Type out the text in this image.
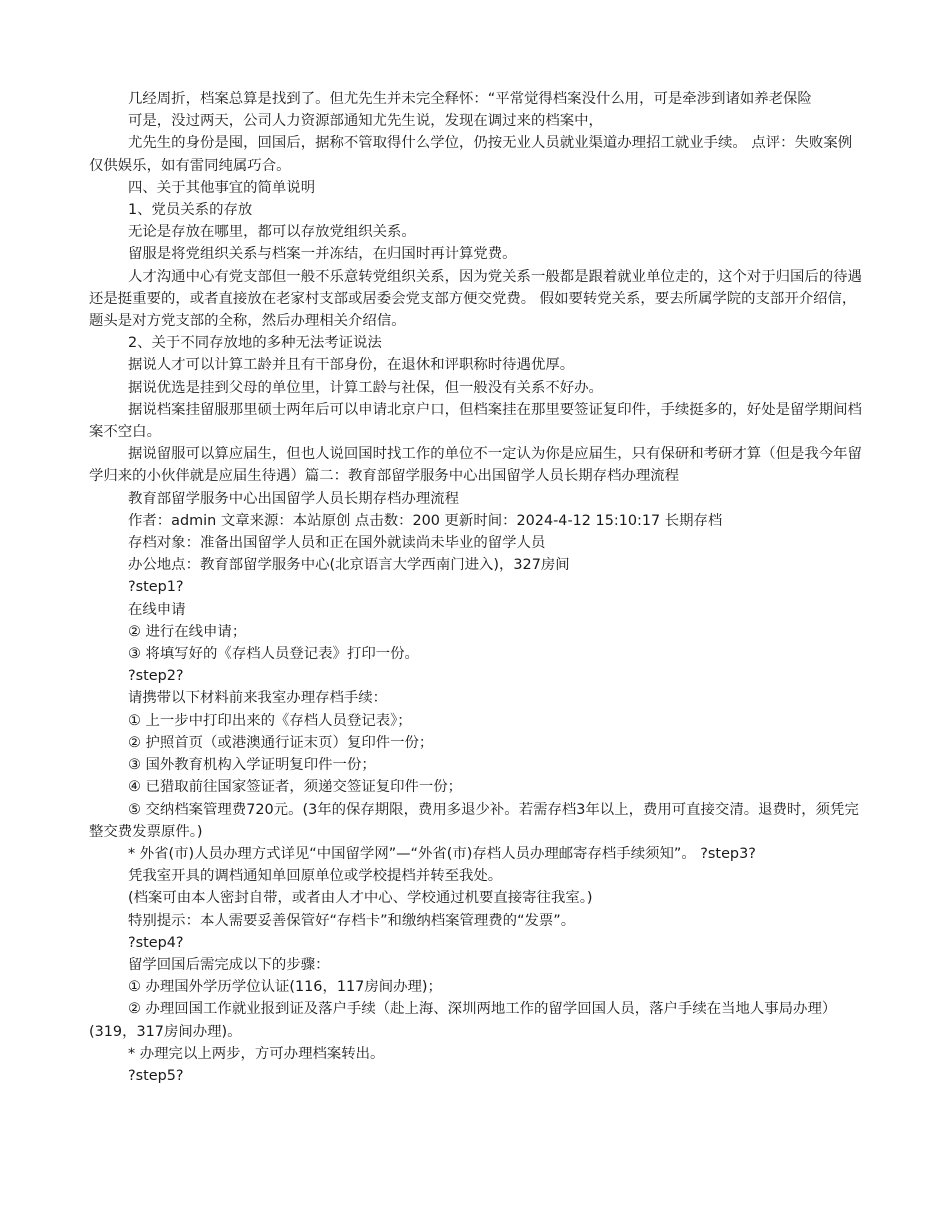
几经周折，档案总算是找到了。但尤先生并未完全释怀：“平常觉得档案没什么用，可是牵涉到诸如养老保险

可是，没过两天，公司人力资源部通知尤先生说，发现在调过来的档案中，

尤先生的身份是囤，回国后，据称不管取得什么学位，仍按无业人员就业渠道办理招工就业手续。 点评：失败案例仅供娱乐，如有雷同纯属巧合。

四、关于其他事宜的简单说明

1、党员关系的存放

无论是存放在哪里，都可以存放党组织关系。

留服是将党组织关系与档案一并冻结，在归国时再计算党费。

人才沟通中心有党支部但一般不乐意转党组织关系，因为党关系一般都是跟着就业单位走的，这个对于归国后的待遇还是挺重要的，或者直接放在老家村支部或居委会党支部方便交党费。 假如要转党关系，要去所属学院的支部开介绍信，题头是对方党支部的全称，然后办理相关介绍信。

2、关于不同存放地的多种无法考证说法

据说人才可以计算工龄并且有干部身份，在退休和评职称时待遇优厚。

据说优选是挂到父母的单位里，计算工龄与社保，但一般没有关系不好办。

据说档案挂留服那里硕士两年后可以申请北京户口，但档案挂在那里要签证复印件，手续挺多的，好处是留学期间档案不空白。

据说留服可以算应届生，但也人说回国时找工作的单位不一定认为你是应届生，只有保研和考研才算（但是我今年留学归来的小伙伴就是应届生待遇）篇二：教育部留学服务中心出国留学人员长期存档办理流程

教育部留学服务中心出国留学人员长期存档办理流程

作者：admin 文章来源：本站原创 点击数：200 更新时间：2024-4-12 15:10:17 长期存档

存档对象：准备出国留学人员和正在国外就读尚未毕业的留学人员

办公地点：教育部留学服务中心(北京语言大学西南门进入)，327房间

?step1?

在线申请

② 进行在线申请；

③ 将填写好的《存档人员登记表》打印一份。

?step2?

请携带以下材料前来我室办理存档手续：

① 上一步中打印出来的《存档人员登记表》；

② 护照首页（或港澳通行证末页）复印件一份；

③ 国外教育机构入学证明复印件一份；

④ 已猎取前往国家签证者，须递交签证复印件一份；

⑤ 交纳档案管理费720元。(3年的保存期限，费用多退少补。若需存档3年以上，费用可直接交清。退费时，须凭完整交费发票原件。)

* 外省(市)人员办理方式详见“中国留学网”—“外省(市)存档人员办理邮寄存档手续须知”。 ?step3?

凭我室开具的调档通知单回原单位或学校提档并转至我处。

(档案可由本人密封自带，或者由人才中心、学校通过机要直接寄往我室。)

特别提示：本人需要妥善保管好“存档卡”和缴纳档案管理费的“发票”。

?step4?

留学回国后需完成以下的步骤：

① 办理国外学历学位认证(116，117房间办理)；

② 办理回国工作就业报到证及落户手续（赴上海、深圳两地工作的留学回国人员，落户手续在当地人事局办理）(319，317房间办理)。

* 办理完以上两步，方可办理档案转出。

?step5?
